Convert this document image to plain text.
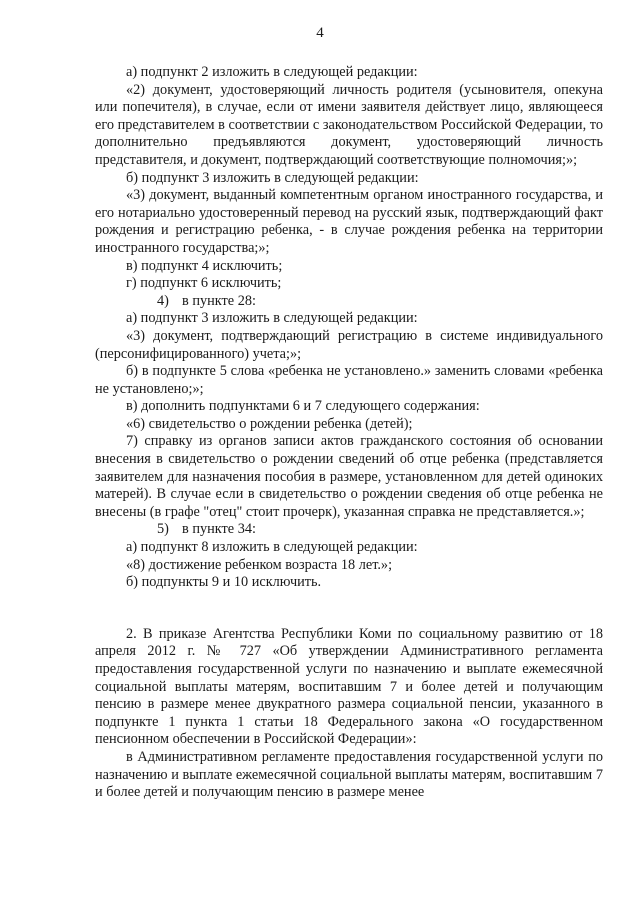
4

а) подпункт 2 изложить в следующей редакции:

«2) документ, удостоверяющий личность родителя (усыновителя, опекуна или попечителя), в случае, если от имени заявителя действует лицо, являющееся его представителем в соответствии с законодательством Российской Федерации, то дополнительно предъявляются документ, удостоверяющий личность представителя, и документ, подтверждающий соответствующие полномочия;»;

б) подпункт 3 изложить в следующей редакции:

«3) документ, выданный компетентным органом иностранного государства, и его нотариально удостоверенный перевод на русский язык, подтверждающий факт рождения и регистрацию ребенка, - в случае рождения ребенка на территории иностранного государства;»;

в) подпункт 4 исключить;

г) подпункт 6 исключить;

4) в пункте 28:

а) подпункт 3 изложить в следующей редакции:

«3) документ, подтверждающий регистрацию в системе индивидуального (персонифицированного) учета;»;

б) в подпункте 5 слова «ребенка не установлено.» заменить словами «ребенка не установлено;»;

в) дополнить подпунктами 6 и 7 следующего содержания:

«6) свидетельство о рождении ребенка (детей);

7) справку из органов записи актов гражданского состояния об основании внесения в свидетельство о рождении сведений об отце ребенка (представляется заявителем для назначения пособия в размере, установленном для детей одиноких матерей). В случае если в свидетельство о рождении сведения об отце ребенка не внесены (в графе "отец" стоит прочерк), указанная справка не представляется.»;

5) в пункте 34:

а) подпункт 8 изложить в следующей редакции:

«8) достижение ребенком возраста 18 лет.»;

б) подпункты 9 и 10 исключить.

2. В приказе Агентства Республики Коми по социальному развитию от 18 апреля 2012 г. № 727 «Об утверждении Административного регламента предоставления государственной услуги по назначению и выплате ежемесячной социальной выплаты матерям, воспитавшим 7 и более детей и получающим пенсию в размере менее двукратного размера социальной пенсии, указанного в подпункте 1 пункта 1 статьи 18 Федерального закона «О государственном пенсионном обеспечении в Российской Федерации»:

в Административном регламенте предоставления государственной услуги по назначению и выплате ежемесячной социальной выплаты матерям, воспитавшим 7 и более детей и получающим пенсию в размере менее
